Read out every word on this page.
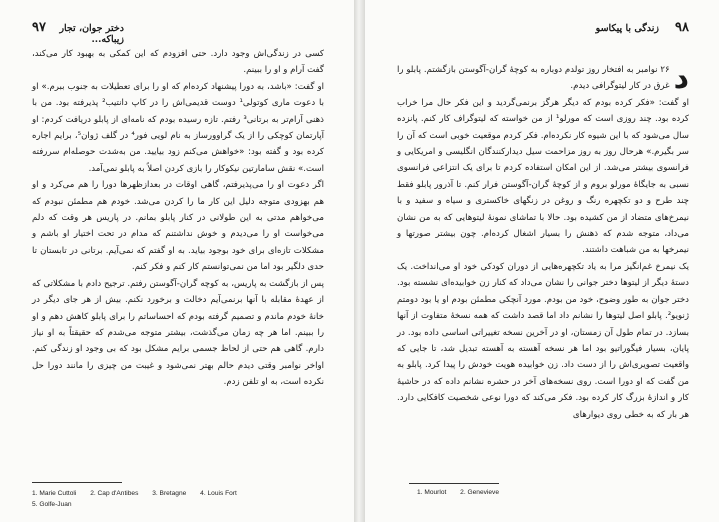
۹۷	دختر جوان، تجار زیباکه...

کسی در زندگی‌اش وجود دارد. حتی افزودم که این کمکی به بهبود کار می‌کند، گفت آرام و او را ببینم.

او گفت: «باشد، به دورا پیشنهاد کرده‌ام که او را برای تعطیلات به جنوب ببرم.» او با دعوت ماری کوتولی¹ دوست قدیمی‌اش را در کاپ دانتیب² پذیرفته بود. من با ذهنی آرام‌تر به برتانی³ رفتم. تازه رسیده بودم که نامه‌ای از پابلو دریافت کردم: او آپارتمان کوچکی را از یک گراوورساز به نام لویی فور⁴ در گلف ژوان⁵، برایم اجاره کرده بود و گفته بود: «خواهش می‌کنم زود بیایید. من به‌شدت حوصله‌ام سررفته است.» نقش سامارتین نیکوکار را بازی کردن اصلاً به پابلو نمی‌آمد.

اگر دعوت او را می‌پذیرفتم، گاهی اوقات در بعدازظهرها دورا را هم می‌کرد و او هم بهزودی متوجه دلیل این کار ما را کردن می‌شد. خودم هم مطمئن نبودم که می‌خواهم مدتی به این طولانی در کنار پابلو بمانم. در پاریس هر وقت که دلم می‌خواست او را می‌دیدم و خوش نداشتنم که مدام در تحت اختیار او باشم و مشکلات تازه‌ای برای خود بوجود بیاید. به او گفتم که نمی‌آیم. برتانی در تابستان تا حدی دلگیر بود اما من نمی‌توانستم کار کنم و فکر کنم.

پس از بازگشت به پاریس، به کوچه گران-آگوستن رفتم. ترجیح دادم با مشکلاتی که از عهدهٔ مقابله با آنها برنمی‌آیم دخالت و برخورد نکنم. بیش از هر جای دیگر در خانهٔ خودم ماندم و تصمیم گرفته بودم که احساساتم را برای پابلو کاهش دهم و او را ببینم. اما هر چه زمان می‌گذشت، بیشتر متوجه می‌شدم که حقیقتاً به او نیاز دارم. گاهی هم حتی از لحاظ جسمی برایم مشکل بود که بی وجود او زندگی کنم. اواخر نوامبر وقتی دیدم حالم بهتر نمی‌شود و غیبت من چیزی را مانند دورا حل نکرده است، به او تلفن زدم.

1. Marie Cuttoli 2. Cap d'Antibes 3. Bretagne 4. Louis Fort
5. Golfe-Juan
۹۸
زندگی با پیکاسو
د

۲۶ نوامبر به افتخار روز تولدم دوباره به کوچهٔ گران-آگوستن بازگشتم. پابلو را غرق در کار لیتوگرافی دیدم.

او گفت: «فکر کرده بودم که دیگر هرگز برنمی‌گردید و این فکر حال مرا خراب کرده بود. چند روزی است که مورلو¹ از من خواسته که لیتوگراف کار کنم. پانزده سال می‌شود که با این شیوه کار نکرده‌ام. فکر کردم موقعیت خوبی است که آن را سر بگیرم.» هرحال روز به روز مزاحمت سیل دیدارکنندگان انگلیسی و امریکایی و فرانسوی بیشتر می‌شد. از این امکان استفاده کردم تا برای یک انتزاعی فرانسوی نسبی به جایگاهٔ مورلو بروم و از کوچهٔ گران-آگوستن فرار کنم. تا آذرور پابلو فقط چند طرح و دو تکچهره رنگ و روغن در زنگهای خاکستری و سیاه و سفید و با نیمرخ‌های متضاد از من کشیده بود. حالا با تماشای نمونهٔ لیتوهایی که به من نشان می‌داد، متوجه شدم که ذهنش را بسیار اشغال کرده‌ام. چون بیشتر صورتها و نیمرخها به من شباهت داشتند.

یک نیمرخ غم‌انگیز مرا به یاد تکچهره‌هایی از دوران کودکی خود او می‌انداخت. یک دستهٔ دیگر از لیتوها دختر جوانی را نشان می‌داد که کنار زن خوابیده‌ای نشسته بود. دختر جوان به طور وضوح، خود من بودم. مورد آنچکی مطمئن بودم او یا بود دومتم ژنویو². پابلو اصل لیتوها را نشانم داد اما قصد داشت که همه نسخهٔ متفاوت از آنها بسازد. در تمام طول آن زمستان، او در آخرین نسخه تغییراتی اساسی داده بود. در پایان، بسیار فیگوراتیو بود اما هر نسخه آهسته به آهسته تبدیل شد، تا جایی که واقعیت تصویری‌اش را از دست داد. زن خوابیده هویت خودش را پیدا کرد. پابلو به من گفت که او دورا است. روی نسخه‌های آخر در حشره نشانم داده که در حاشیهٔ کار و اندازهٔ بزرگ کار کرده بود. فکر می‌کند که دورا نوعی شخصیت کافکایی دارد. هر بار که به خطی روی دیوارهای

1. Mourlot 2. Genevieve
